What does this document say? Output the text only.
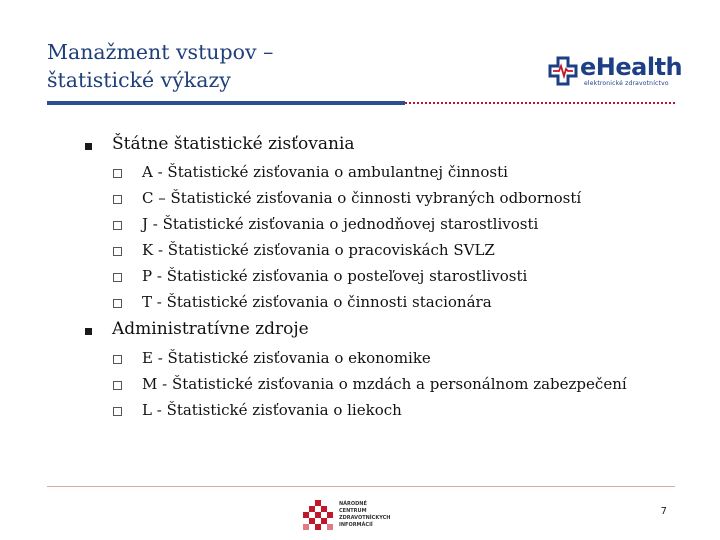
Manažment vstupov –
štatistické výkazy	eHealth
elektronické zdravotníctvo
Štátne štatistické zisťovania
A - Štatistické zisťovania o ambulantnej činnosti
C – Štatistické zisťovania o činnosti vybraných odborností
J - Štatistické zisťovania o jednodňovej starostlivosti
K - Štatistické zisťovania o pracoviskách SVLZ
P - Štatistické zisťovania o posteľovej starostlivosti
T - Štatistické zisťovania o činnosti stacionára
Administratívne zdroje
E - Štatistické zisťovania o ekonomike
M - Štatistické zisťovania o mzdách a personálnom zabezpečení
L - Štatistické zisťovania o liekoch
NÁRODNÉ
CENTRUM
ZDRAVOTNÍCKYCH
INFORMÁCIÍ
7
